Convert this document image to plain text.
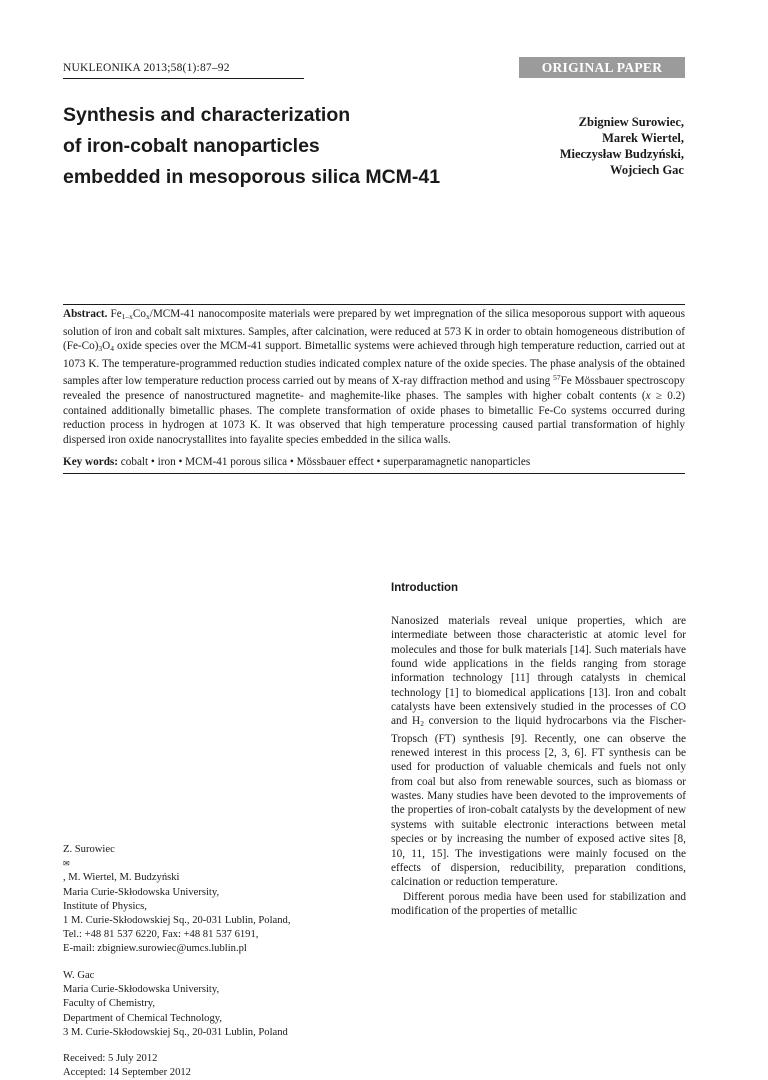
NUKLEONIKA 2013;58(1):87–92	ORIGINAL PAPER
Synthesis and characterization
of iron-cobalt nanoparticles
embedded in mesoporous silica MCM-41
Zbigniew Surowiec,
Marek Wiertel,
Mieczysław Budzyński,
Wojciech Gac
Abstract. $Fe_{1-x}Co_x/MCM-41$ nanocomposite materials were prepared by wet impregnation of the silica mesoporous support with aqueous solution of iron and cobalt salt mixtures. Samples, after calcination, were reduced at 573 K in order to obtain homogeneous distribution of $(Fe-Co)_3O_4$ oxide species over the MCM-41 support. Bimetallic systems were achieved through high temperature reduction, carried out at 1073 K. The temperature-programmed reduction studies indicated complex nature of the oxide species. The phase analysis of the obtained samples after low temperature reduction process carried out by means of X-ray diffraction method and using $^{57}$Fe Mössbauer spectroscopy revealed the presence of nanostructured magnetite- and maghemite-like phases. The samples with higher cobalt contents (x ≥ 0.2) contained additionally bimetallic phases. The complete transformation of oxide phases to bimetallic Fe-Co systems occurred during reduction process in hydrogen at 1073 K. It was observed that high temperature processing caused partial transformation of highly dispersed iron oxide nanocrystallites into fayalite species embedded in the silica walls.
Key words: cobalt • iron • MCM-41 porous silica • Mössbauer effect • superparamagnetic nanoparticles
Introduction

Nanosized materials reveal unique properties, which are intermediate between those characteristic at atomic level for molecules and those for bulk materials [14]. Such materials have found wide applications in the fields ranging from storage information technology [11] through catalysts in chemical technology [1] to biomedical applications [13]. Iron and cobalt catalysts have been extensively studied in the processes of CO and $H_2$ conversion to the liquid hydrocarbons via the Fischer-Tropsch (FT) synthesis [9]. Recently, one can observe the renewed interest in this process [2, 3, 6]. FT synthesis can be used for production of valuable chemicals and fuels not only from coal but also from renewable sources, such as biomass or wastes. Many studies have been devoted to the improvements of the properties of iron-cobalt catalysts by the development of new systems with suitable electronic interactions between metal species or by increasing the number of exposed active sites [8, 10, 11, 15]. The investigations were mainly focused on the effects of dispersion, reducibility, preparation conditions, calcination or reduction temperature.

Different porous media have been used for stabilization and modification of the properties of metallic

Z. Surowiec
✉
, M. Wiertel, M. Budzyński
Maria Curie-Skłodowska University,
Institute of Physics,
1 M. Curie-Skłodowskiej Sq., 20-031 Lublin, Poland,
Tel.: +48 81 537 6220, Fax: +48 81 537 6191,
E-mail: zbigniew.surowiec@umcs.lublin.pl
W. Gac
Maria Curie-Skłodowska University,
Faculty of Chemistry,
Department of Chemical Technology,
3 M. Curie-Skłodowskiej Sq., 20-031 Lublin, Poland
Received: 5 July 2012
Accepted: 14 September 2012
